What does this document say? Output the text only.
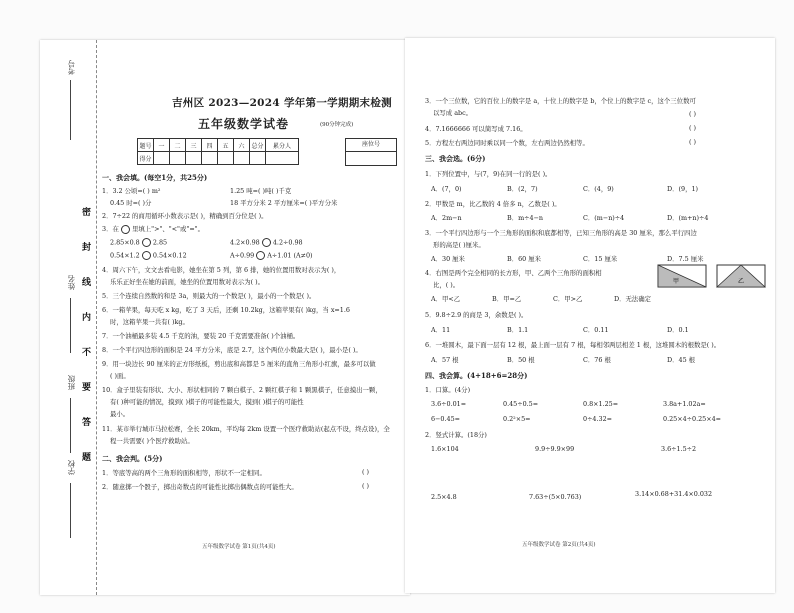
考号
姓名
班级
学校
密
封
线
内
不
要
答
题
吉州区 2023—2024 学年第一学期期末检测
五年级数学试卷	(90分钟完成)
题号	一	二	三	四	五	六	总分	累分人
得分								
座位号
一、我会填。(每空1分，共25分)
1．3.2 公顷=( ) m²	1.25 吨=( )吨( )千克
0.45 时=( )分	18 平方分米 2 平方厘米=( )平方分米
2．7÷22 的商用循环小数表示是( )，精确到百分位是( )。
3．在 里填上">"、"<"或"="。
2.85×0.8 2.85	4.2×0.98 4.2÷0.98
0.54×1.2 0.54×0.12	A÷0.99 A÷1.01 (A≠0)
4．周六下午，文文去看电影，她坐在第 5 列，第 6 排，她的位置用数对表示为( )，
乐乐正好坐在她的前面，她坐的位置用数对表示为( )。
5．三个连续自然数的和是 3a，则最大的一个数是( )，最小的一个数是( )。
6．一箱苹果，每天吃 x kg，吃了 3 天后，还剩 10.2kg，这箱苹果有( )kg，当 x=1.6
时，这箱苹果一共有( )kg。
7．一个油桶最多装 4.5 千克的油，要装 20 千克需要准备( )个油桶。
8．一个平行四边形的面积是 24 平方分米，底是 2.7，这个两位小数最大是( )，最小是( )。
9．用一块边长 90 厘米的正方形纸板，剪出底和高都是 5 厘米的直角三角形小红旗，最多可以做
( )面。
10．盒子里装有形状、大小、形状相同的 7 颗白棋子、2 颗红棋子和 1 颗黑棋子，任意摸出一颗，
有( )种可能的情况，摸到( )棋子的可能性最大，摸到( )棋子的可能性
最小。
11．某市举行城市马拉松赛，全长 20km，平均每 2km 设置一个医疗救助站(起点不设，终点设)，全
程一共需要( )个医疗救助站。
二、我会判。(5分)
1．等底等高的两个三角形的面积相等，形状不一定相同。	( )
2．随意掷一个骰子，掷出奇数点的可能性比掷出偶数点的可能性大。	( )
五年级数学试卷 第1页(共4页)
3．一个三位数，它的百位上的数字是 a，十位上的数字是 b，个位上的数字是 c，这个三位数可
以写成 abc。	( )
4．7.1666666 可以简写成 7.16。	( )
5．方程左右两边同时乘以同一个数，左右两边仍然相等。	( )
三、我会选。(6分)
1．下列位置中，与(7，9)在同一行的是( )。
A．(7，0)	B．(2，7)	C．(4，9)	D．(9，1)
2．甲数是 m，比乙数的 4 倍多 n，乙数是( )。
A．2m−n	B．m÷4−n	C．(m−n)÷4	D．(m+n)÷4
3．一个平行四边形与一个三角形的面积和底都相等，已知三角形的高是 30 厘米，那么平行四边
形的高是( )厘米。
A．30 厘米	B．60 厘米	C．15 厘米	D．7.5 厘米
4．右图是两个完全相同的长方形，甲、乙两个三角形的面积相
比，( )。
A．甲<乙	B．甲=乙	C．甲>乙	D．无法确定
甲	乙
5．9.8÷2.9 的商是 3，余数是( )。
A．11	B．1.1	C．0.11	D．0.1
6．一堆圆木，最下面一层有 12 根，最上面一层有 7 根，每相邻两层相差 1 根，这堆圆木的根数是( )。
A．57 根	B．50 根	C．76 根	D．45 根
四、我会算。(4+18+6=28分)
1．口算。(4分)
3.6÷0.01=	0.45÷0.5=	0.8×1.25=	3.8a+1.02a=
6−0.45=	0.2²×5=	0÷4.32=	0.25×4÷0.25×4=
2．竖式计算。(18分)
1.6×104	9.9÷9.9×99	3.6÷1.5÷2
2.5×4.8	7.63÷(5×0.763)	3.14×0.68+31.4×0.032
五年级数学试卷 第2页(共4页)
